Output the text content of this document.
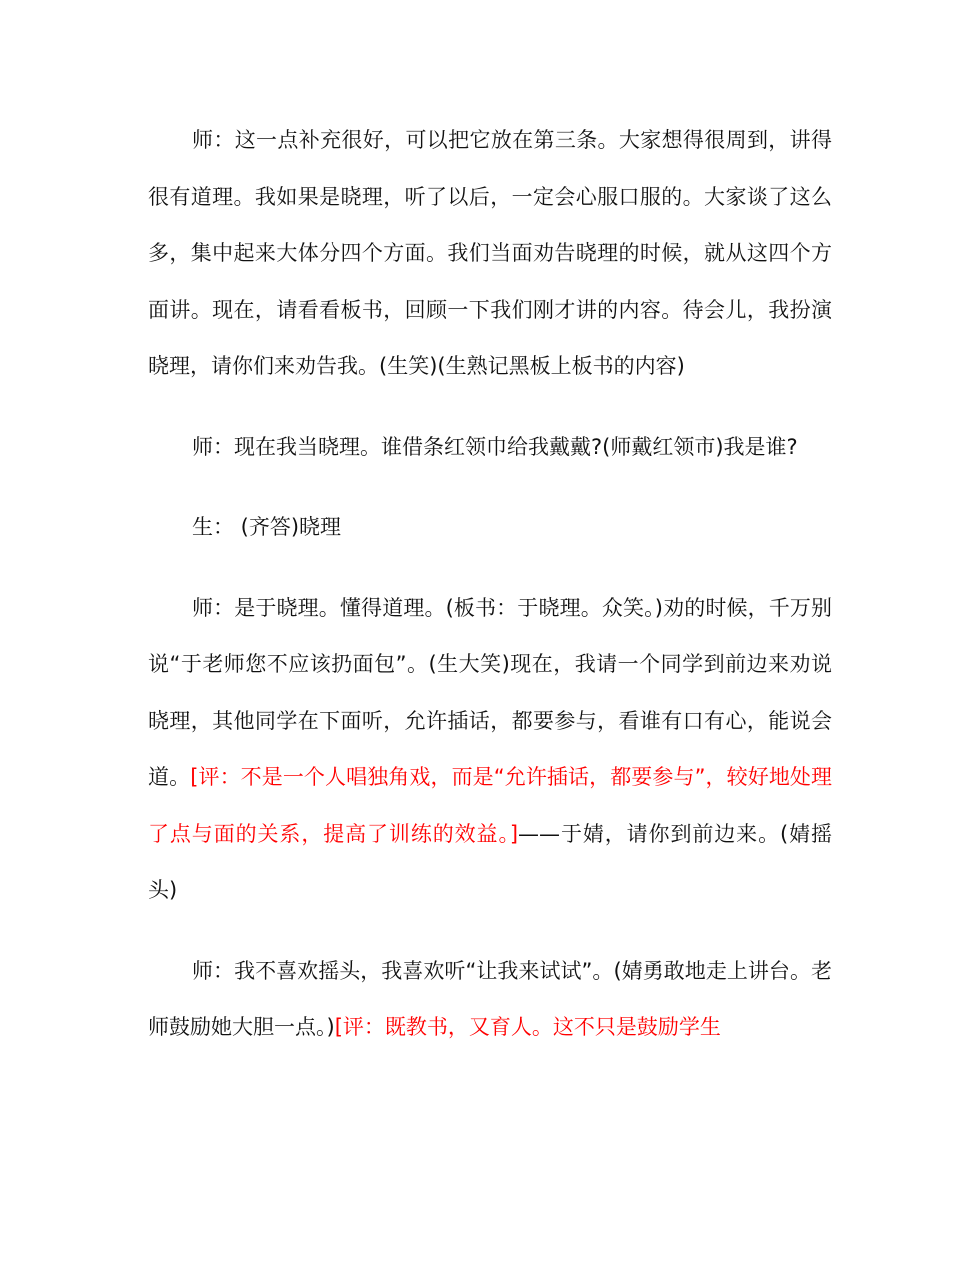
师：这一点补充很好，可以把它放在第三条。大家想得很周到，讲得很有道理。我如果是晓理，听了以后，一定会心服口服的。大家谈了这么多，集中起来大体分四个方面。我们当面劝告晓理的时候，就从这四个方面讲。现在，请看看板书，回顾一下我们刚才讲的内容。待会儿，我扮演晓理，请你们来劝告我。(生笑)(生熟记黑板上板书的内容)

师：现在我当晓理。谁借条红领巾给我戴戴?(师戴红领市)我是谁?

生： (齐答)晓理

师：是于晓理。懂得道理。(板书：于晓理。众笑。)劝的时候，千万别说“于老师您不应该扔面包”。(生大笑)现在，我请一个同学到前边来劝说晓理，其他同学在下面听，允许插话，都要参与，看谁有口有心，能说会道。[评：不是一个人唱独角戏，而是“允许插话，都要参与”，较好地处理了点与面的关系，提高了训练的效益。]——于婧，请你到前边来。(婧摇头)

师：我不喜欢摇头，我喜欢听“让我来试试”。(婧勇敢地走上讲台。老师鼓励她大胆一点。)[评：既教书，又育人。这不只是鼓励学生
